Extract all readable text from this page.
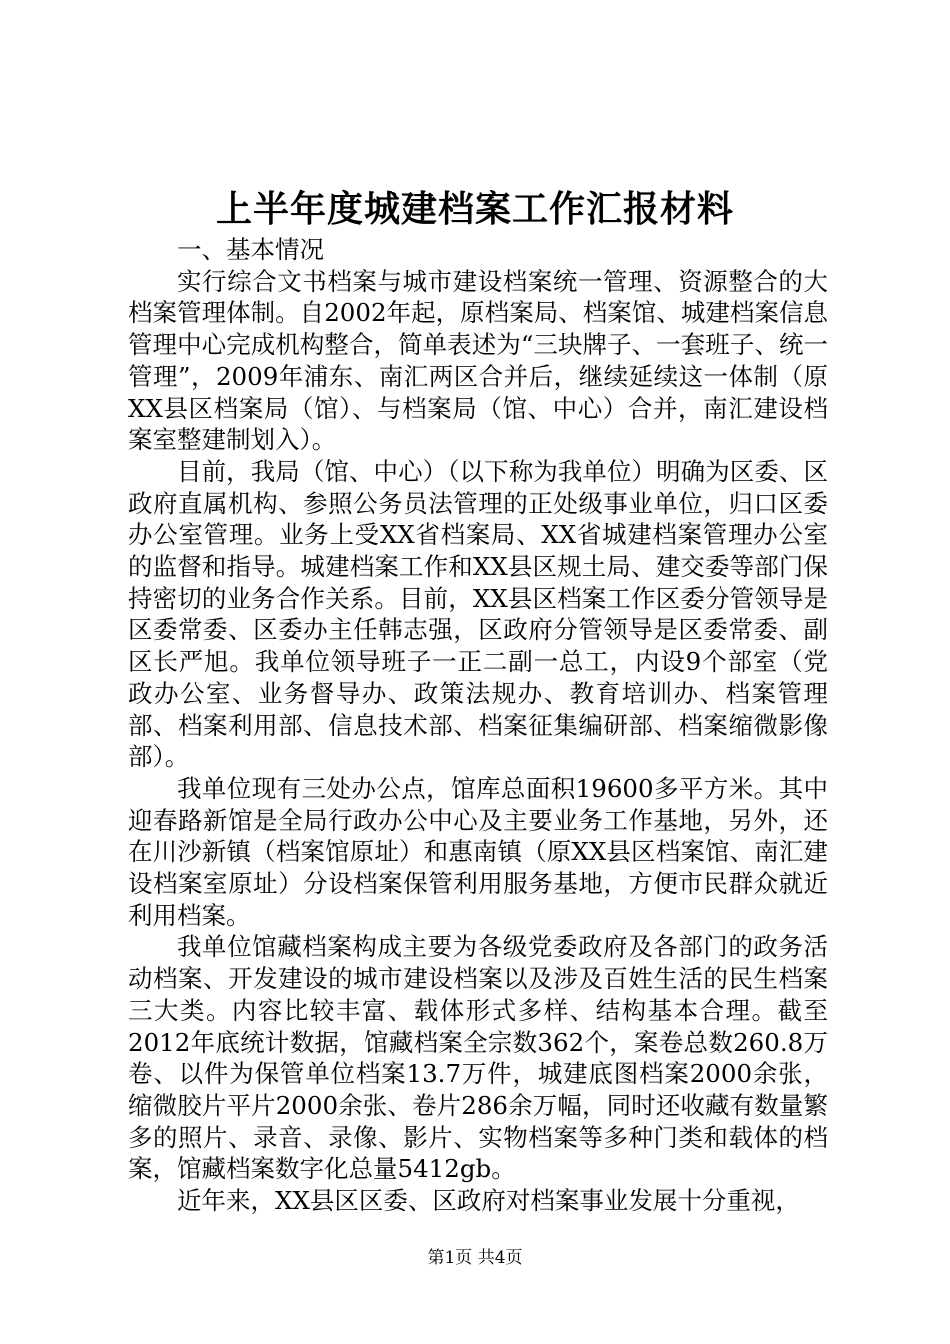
上半年度城建档案工作汇报材料

一、基本情况

实行综合文书档案与城市建设档案统一管理、资源整合的大档案管理体制。自2002年起，原档案局、档案馆、城建档案信息管理中心完成机构整合，简单表述为“三块牌子、一套班子、统一管理”，2009年浦东、南汇两区合并后，继续延续这一体制（原XX县区档案局（馆）、与档案局（馆、中心）合并，南汇建设档案室整建制划入）。

目前，我局（馆、中心）（以下称为我单位）明确为区委、区政府直属机构、参照公务员法管理的正处级事业单位，归口区委办公室管理。业务上受XX省档案局、XX省城建档案管理办公室的监督和指导。城建档案工作和XX县区规土局、建交委等部门保持密切的业务合作关系。目前，XX县区档案工作区委分管领导是区委常委、区委办主任韩志强，区政府分管领导是区委常委、副区长严旭。我单位领导班子一正二副一总工，内设9个部室（党政办公室、业务督导办、政策法规办、教育培训办、档案管理部、档案利用部、信息技术部、档案征集编研部、档案缩微影像部）。

我单位现有三处办公点，馆库总面积19600多平方米。其中迎春路新馆是全局行政办公中心及主要业务工作基地，另外，还在川沙新镇（档案馆原址）和惠南镇（原XX县区档案馆、南汇建设档案室原址）分设档案保管利用服务基地，方便市民群众就近利用档案。

我单位馆藏档案构成主要为各级党委政府及各部门的政务活动档案、开发建设的城市建设档案以及涉及百姓生活的民生档案三大类。内容比较丰富、载体形式多样、结构基本合理。截至2012年底统计数据，馆藏档案全宗数362个，案卷总数260.8万卷、以件为保管单位档案13.7万件，城建底图档案2000余张，缩微胶片平片2000余张、卷片286余万幅，同时还收藏有数量繁多的照片、录音、录像、影片、实物档案等多种门类和载体的档案，馆藏档案数字化总量5412gb。

近年来，XX县区区委、区政府对档案事业发展十分重视，

第1页 共4页
